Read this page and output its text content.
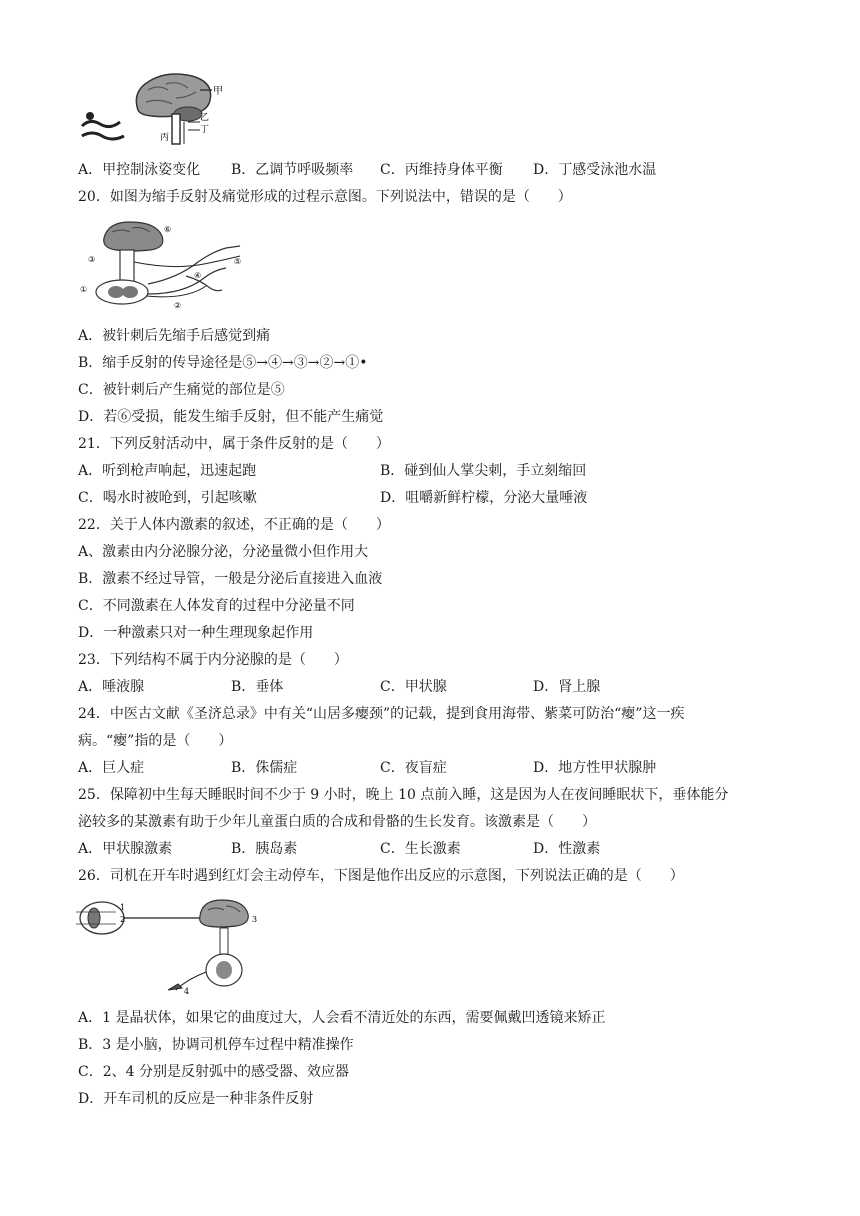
甲
乙
丙
丁
A．甲控制泳姿变化 B．乙调节呼吸频率 C．丙维持身体平衡 D．丁感受泳池水温
20．如图为缩手反射及痛觉形成的过程示意图。下列说法中，错误的是（　　）
①
②
③
④
⑤
⑥
A．被针刺后先缩手后感觉到痛
B．缩手反射的传导途径是⑤→④→③→②→①•
C．被针刺后产生痛觉的部位是⑤
D．若⑥受损，能发生缩手反射，但不能产生痛觉
21．下列反射活动中，属于条件反射的是（　　）
A．听到枪声响起，迅速起跑	B．碰到仙人掌尖刺，手立刻缩回
C．喝水时被呛到，引起咳嗽	D．咀嚼新鲜柠檬，分泌大量唾液
22．关于人体内激素的叙述，不正确的是（　　）
A、激素由内分泌腺分泌，分泌量微小但作用大
B．激素不经过导管，一般是分泌后直接进入血液
C．不同激素在人体发育的过程中分泌量不同
D．一种激素只对一种生理现象起作用
23．下列结构不属于内分泌腺的是（　　）
A．唾液腺	B．垂体	C．甲状腺	D．肾上腺
24．中医古文献《圣济总录》中有关“山居多瘿颈”的记载，提到食用海带、紫菜可防治“瘿”这一疾
病。“瘿”指的是（　　）
A．巨人症	B．侏儒症	C．夜盲症	D．地方性甲状腺肿
25．保障初中生每天睡眠时间不少于 9 小时，晚上 10 点前入睡，这是因为人在夜间睡眠状下，垂体能分
泌较多的某激素有助于少年儿童蛋白质的合成和骨骼的生长发育。该激素是（　　）
A．甲状腺激素	B．胰岛素	C．生长激素	D．性激素
26．司机在开车时遇到红灯会主动停车，下图是他作出反应的示意图，下列说法正确的是（　　）
1
2	3
4
A．1 是晶状体，如果它的曲度过大，人会看不清近处的东西，需要佩戴凹透镜来矫正
B．3 是小脑，协调司机停车过程中精准操作
C．2、4 分别是反射弧中的感受器、效应器
D．开车司机的反应是一种非条件反射
